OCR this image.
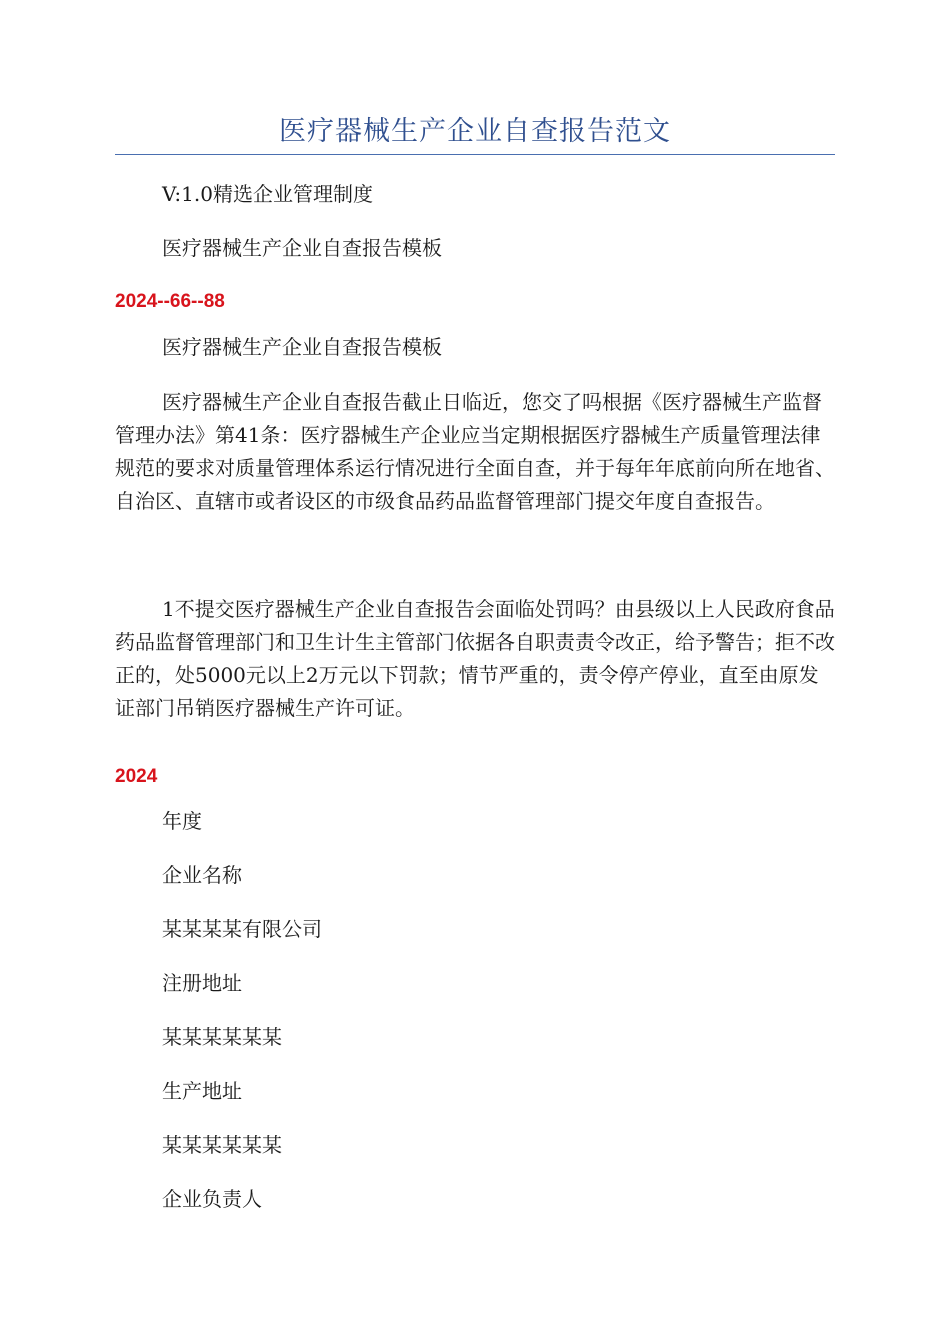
医疗器械生产企业自查报告范文

V:1.0精选企业管理制度

医疗器械生产企业自查报告模板

2024--66--88

医疗器械生产企业自查报告模板

医疗器械生产企业自查报告截止日临近，您交了吗根据《医疗器械生产监督管理办法》第41条：医疗器械生产企业应当定期根据医疗器械生产质量管理法律规范的要求对质量管理体系运行情况进行全面自查，并于每年年底前向所在地省、自治区、直辖市或者设区的市级食品药品监督管理部门提交年度自查报告。

1不提交医疗器械生产企业自查报告会面临处罚吗？由县级以上人民政府食品药品监督管理部门和卫生计生主管部门依据各自职责责令改正，给予警告；拒不改正的，处5000元以上2万元以下罚款；情节严重的，责令停产停业，直至由原发证部门吊销医疗器械生产许可证。

2024

年度

企业名称

某某某某有限公司

注册地址

某某某某某某

生产地址

某某某某某某

企业负责人
